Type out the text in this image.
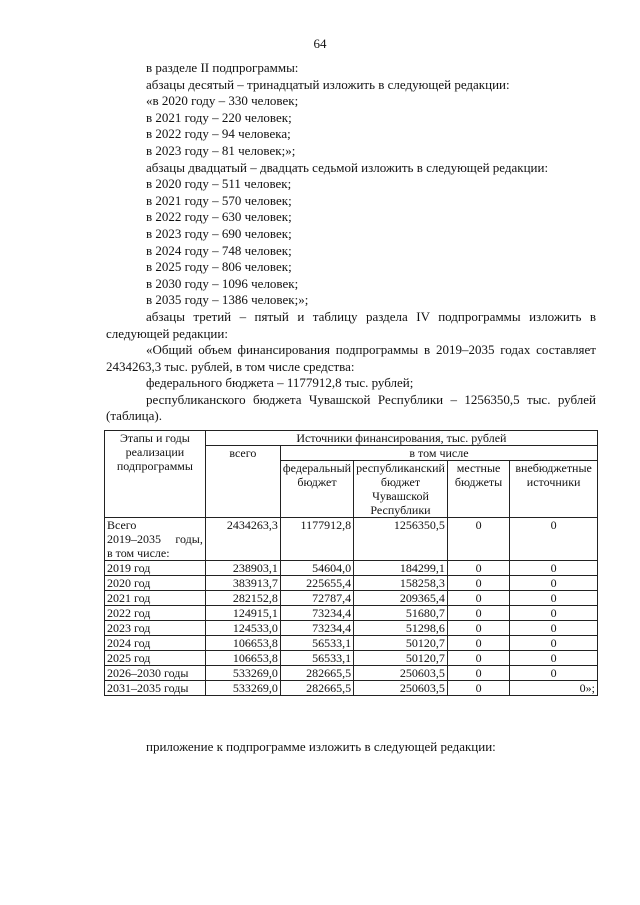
64
в разделе II подпрограммы:
абзацы десятый – тринадцатый изложить в следующей редакции:
«в 2020 году – 330 человек;
в 2021 году – 220 человек;
в 2022 году – 94 человека;
в 2023 году – 81 человек;»;
абзацы двадцатый – двадцать седьмой изложить в следующей редакции:
в 2020 году – 511 человек;
в 2021 году – 570 человек;
в 2022 году – 630 человек;
в 2023 году – 690 человек;
в 2024 году – 748 человек;
в 2025 году – 806 человек;
в 2030 году – 1096 человек;
в 2035 году – 1386 человек;»;
абзацы третий – пятый и таблицу раздела IV подпрограммы изложить в следующей редакции:
«Общий объем финансирования подпрограммы в 2019–2035 годах составляет 2434263,3 тыс. рублей, в том числе средства:
федерального бюджета – 1177912,8 тыс. рублей;
республиканского бюджета Чувашской Республики – 1256350,5 тыс. рублей (таблица).
Этапы и годы реализации подпрограммы	Источники финансирования, тыс. рублей				
	всего	в том числе			
		федеральный бюджет	республиканский бюджет Чувашской Республики	местные бюджеты	внебюджетные источники

Всего
2019–2035 годы,
в том числе:	2434263,3	1177912,8	1256350,5	0	0
2019 год	238903,1	54604,0	184299,1	0	0
2020 год	383913,7	225655,4	158258,3	0	0
2021 год	282152,8	72787,4	209365,4	0	0
2022 год	124915,1	73234,4	51680,7	0	0
2023 год	124533,0	73234,4	51298,6	0	0
2024 год	106653,8	56533,1	50120,7	0	0
2025 год	106653,8	56533,1	50120,7	0	0
2026–2030 годы	533269,0	282665,5	250603,5	0	0
2031–2035 годы	533269,0	282665,5	250603,5	0	0»;
приложение к подпрограмме изложить в следующей редакции:
